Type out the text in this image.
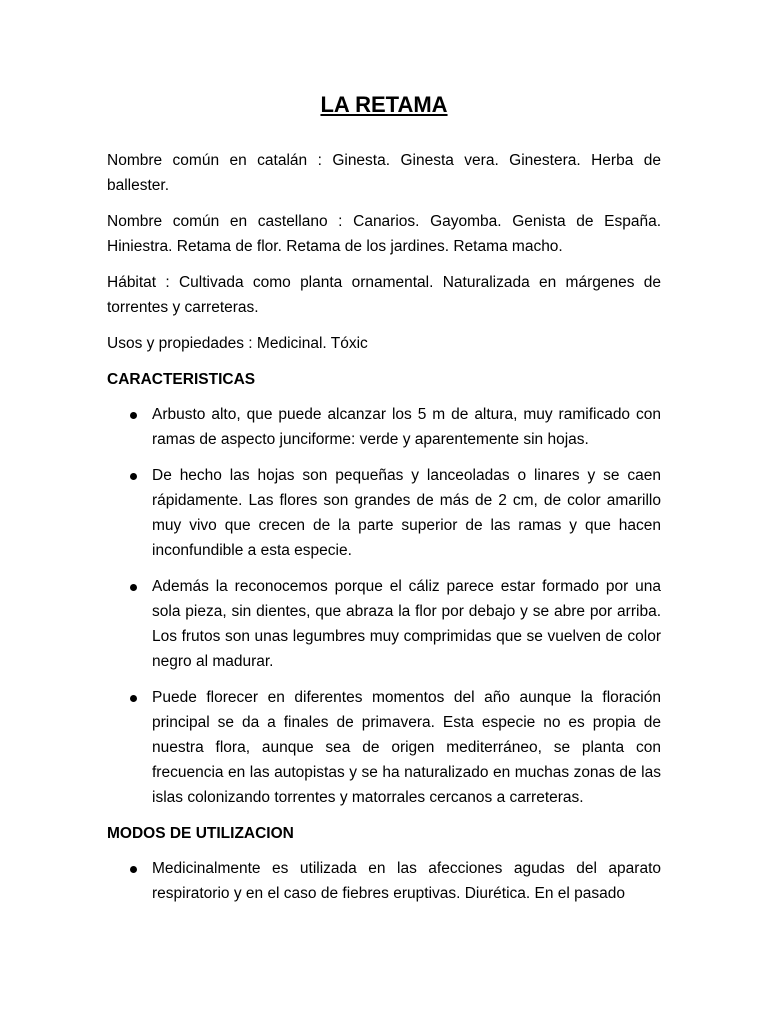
LA RETAMA

Nombre común en catalán : Ginesta. Ginesta vera. Ginestera. Herba de ballester.

Nombre común en castellano : Canarios. Gayomba. Genista de España. Hiniestra. Retama de flor. Retama de los jardines. Retama macho.

Hábitat : Cultivada como planta ornamental. Naturalizada en márgenes de torrentes y carreteras.

Usos y propiedades : Medicinal. Tóxic

CARACTERISTICAS
Arbusto alto, que puede alcanzar los 5 m de altura, muy ramificado con ramas de aspecto junciforme: verde y aparentemente sin hojas.
De hecho las hojas son pequeñas y lanceoladas o linares y se caen rápidamente. Las flores son grandes de más de 2 cm, de color amarillo muy vivo que crecen de la parte superior de las ramas y que hacen inconfundible a esta especie.
Además la reconocemos porque el cáliz parece estar formado por una sola pieza, sin dientes, que abraza la flor por debajo y se abre por arriba. Los frutos son unas legumbres muy comprimidas que se vuelven de color negro al madurar.
Puede florecer en diferentes momentos del año aunque la floración principal se da a finales de primavera. Esta especie no es propia de nuestra flora, aunque sea de origen mediterráneo, se planta con frecuencia en las autopistas y se ha naturalizado en muchas zonas de las islas colonizando torrentes y matorrales cercanos a carreteras.
MODOS DE UTILIZACION
Medicinalmente es utilizada en las afecciones agudas del aparato respiratorio y en el caso de fiebres eruptivas. Diurética. En el pasado
